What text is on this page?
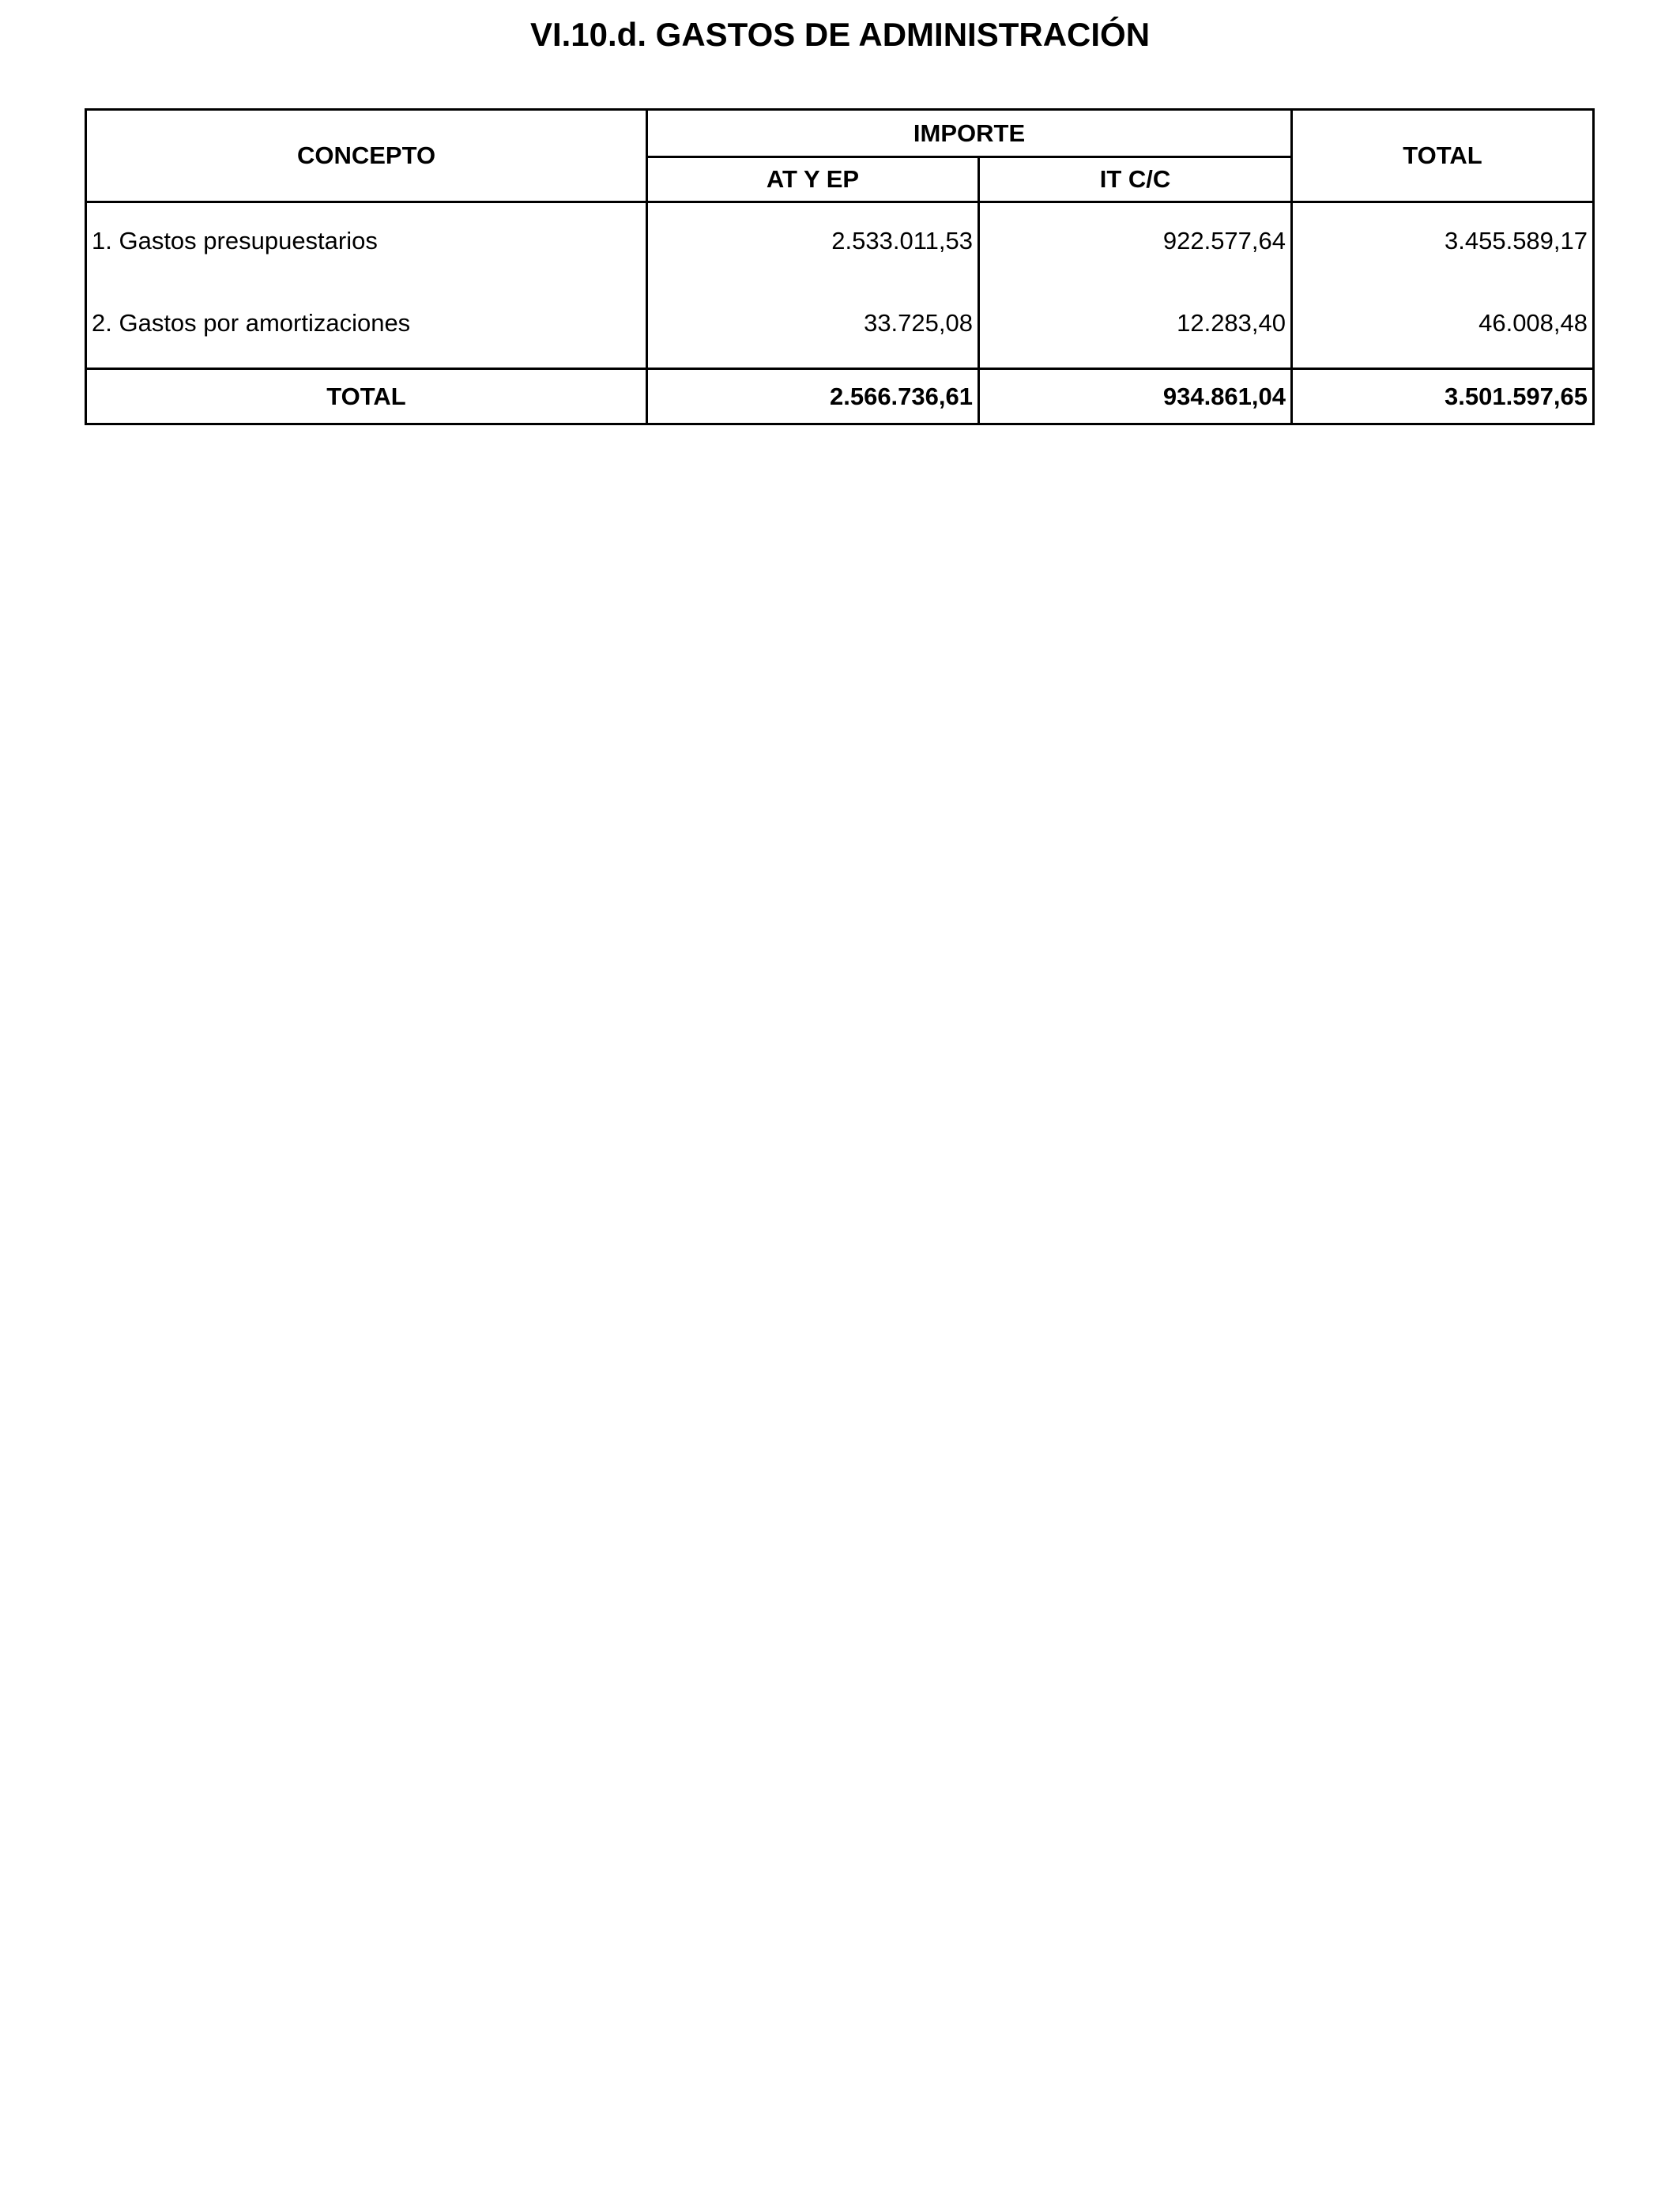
VI.10.d. GASTOS DE ADMINISTRACIÓN
CONCEPTO	IMPORTE		TOTAL
	AT Y EP	IT C/C	
1. Gastos presupuestarios	2.533.011,53	922.577,64	3.455.589,17
2. Gastos por amortizaciones	33.725,08	12.283,40	46.008,48
TOTAL	2.566.736,61	934.861,04	3.501.597,65
